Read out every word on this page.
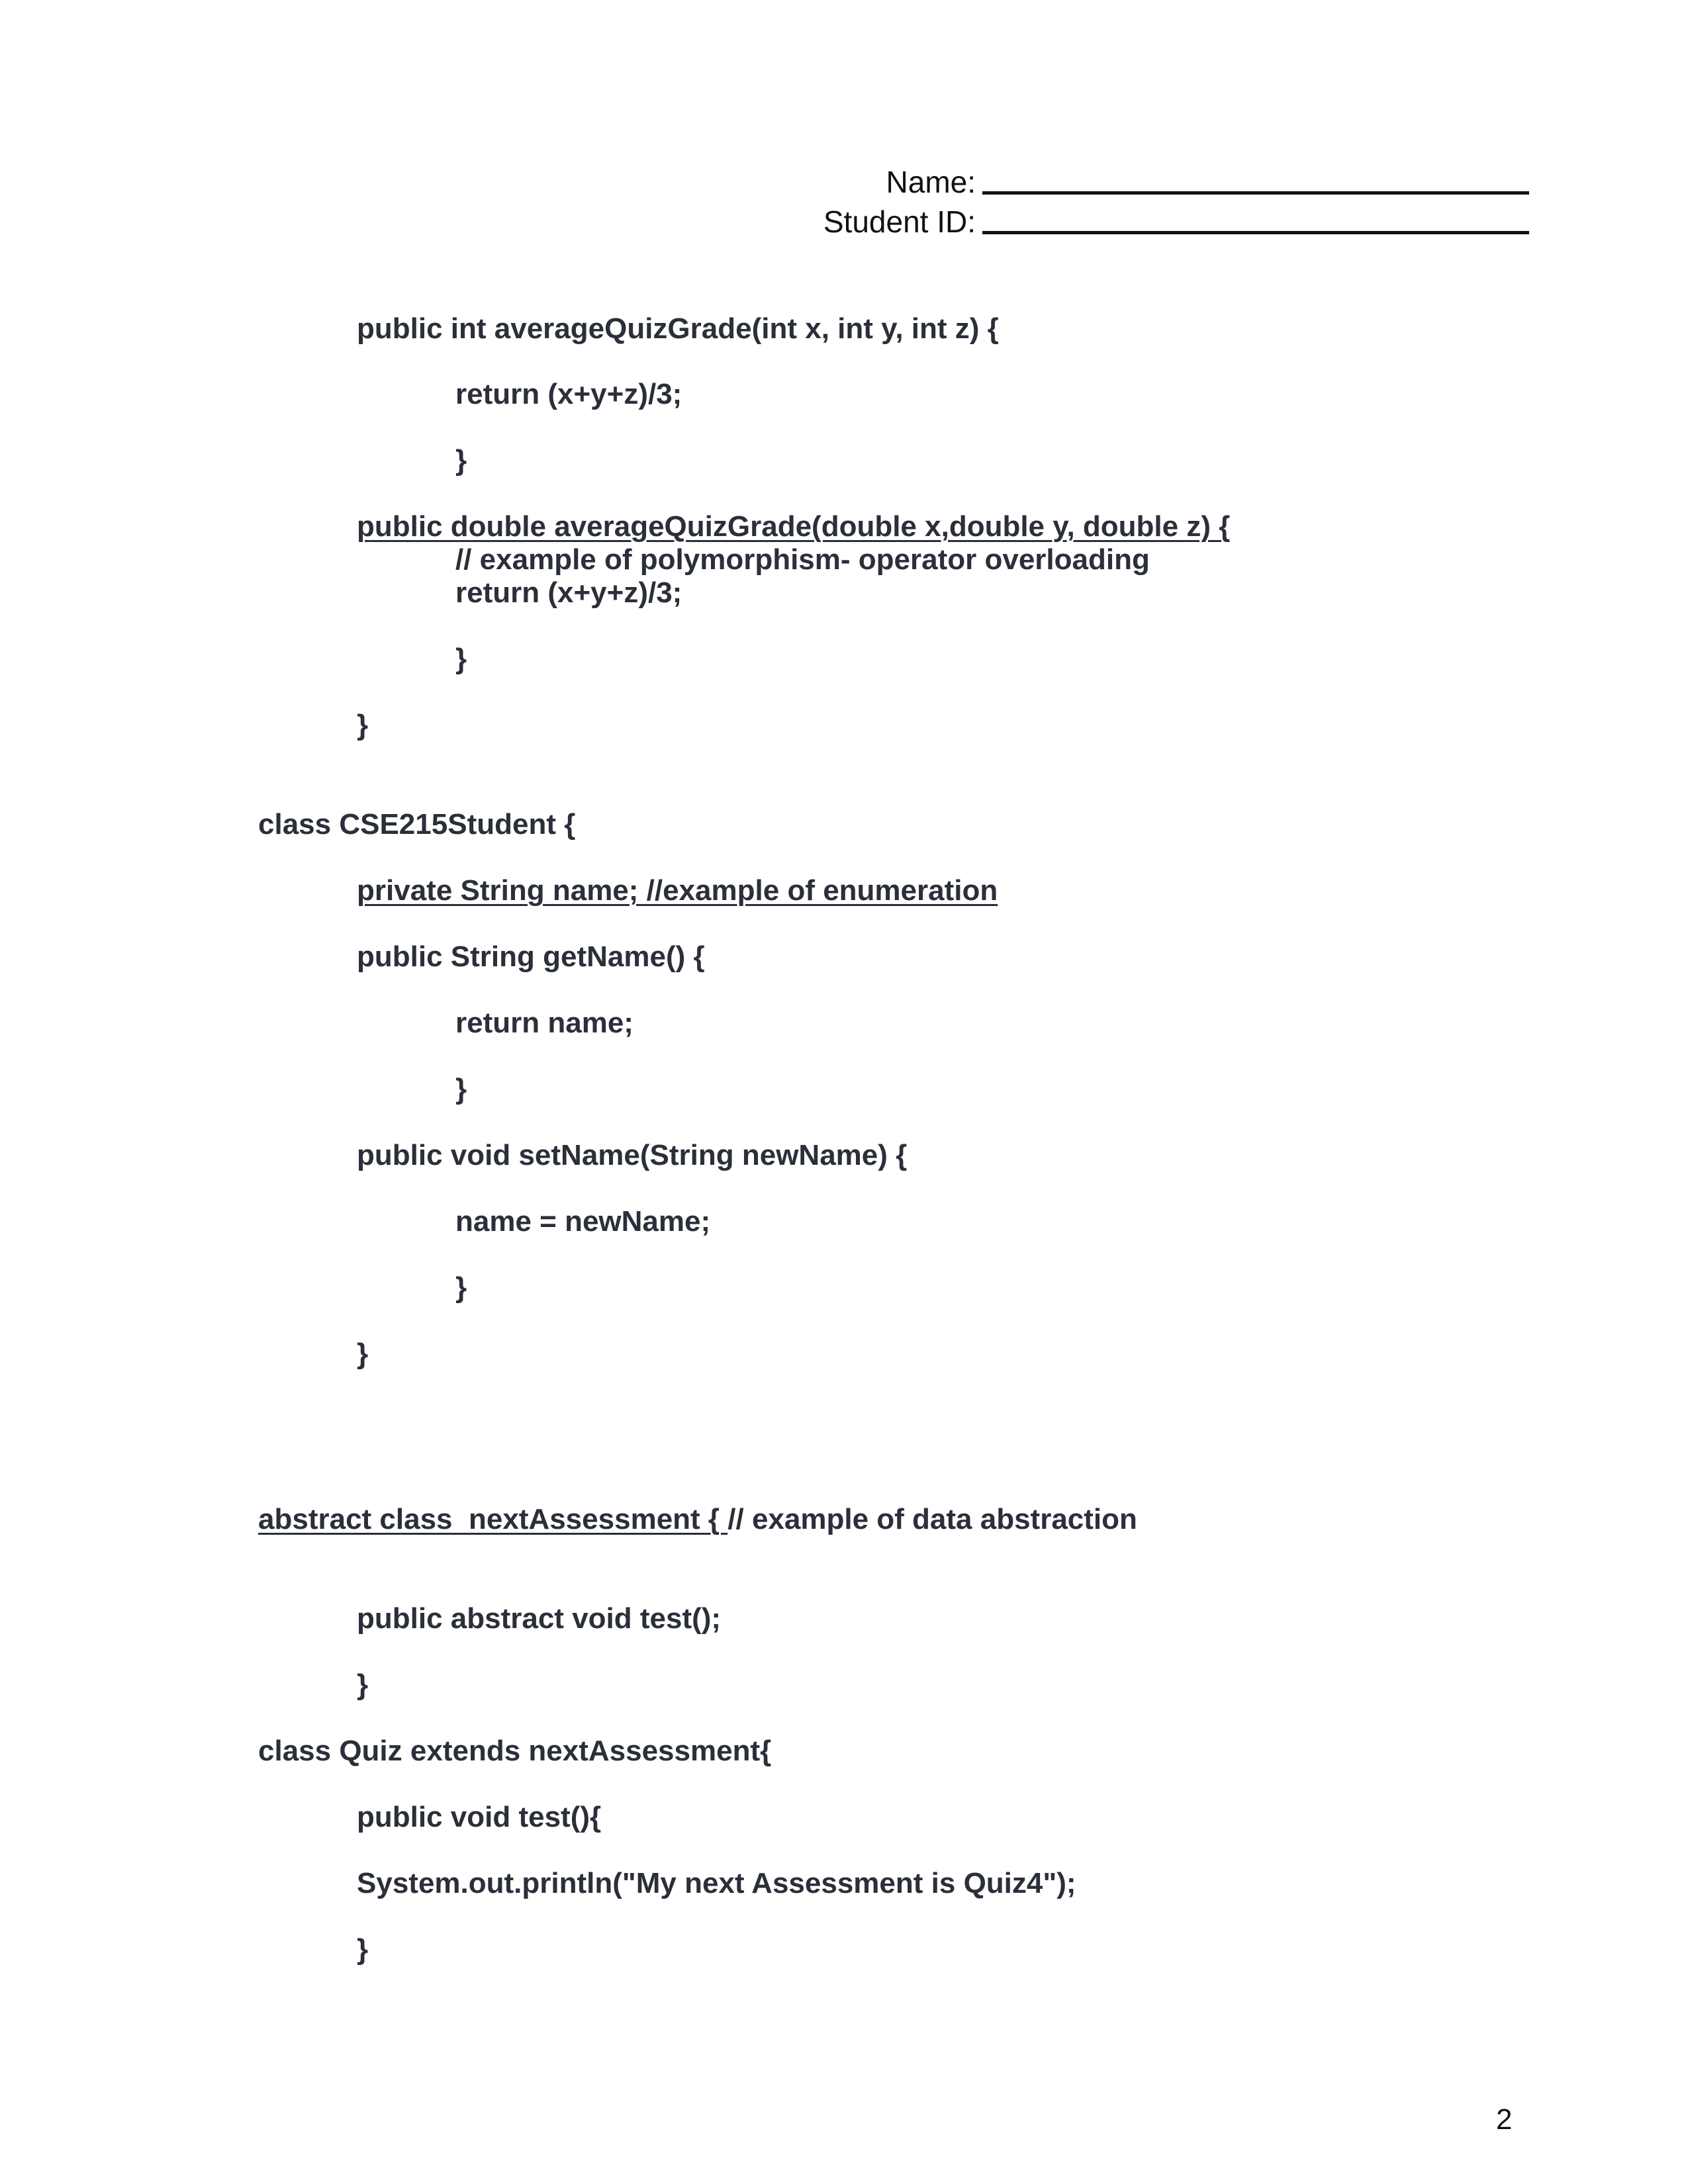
Name:
Student ID:
public int averageQuizGrade(int x, int y, int z) {
return (x+y+z)/3;
}
public double averageQuizGrade(double x,double y, double z) {
// example of polymorphism- operator overloading
return (x+y+z)/3;
}
}
class CSE215Student {
private String name; //example of enumeration
public String getName() {
return name;
}
public void setName(String newName) {
name = newName;
}
}
abstract class  nextAssessment { // example of data abstraction
public abstract void test();
}
class Quiz extends nextAssessment{
public void test(){
System.out.println("My next Assessment is Quiz4");
}
2
